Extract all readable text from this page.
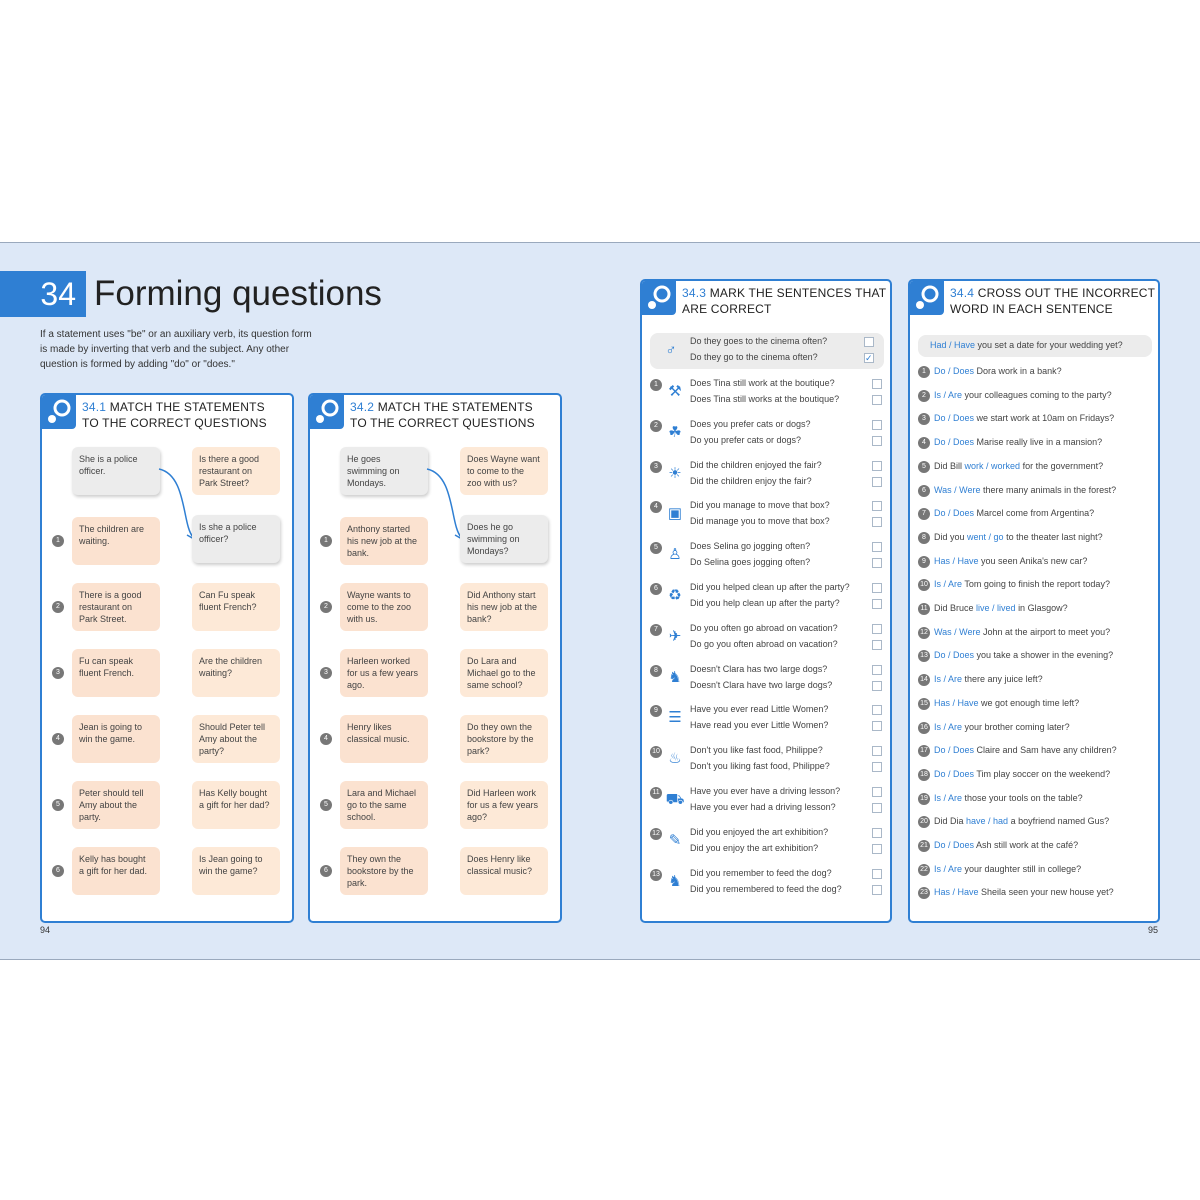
34 Forming questions
If a statement uses "be" or an auxiliary verb, its question form is made by inverting that verb and the subject. Any other question is formed by adding "do" or "does."
34.1 MATCH THE STATEMENTS
TO THE CORRECT QUESTIONS
She is a police officer.
Is there a good restaurant on Park Street?
Is she a police officer?
1
The children are waiting.
2
There is a good restaurant on Park Street.
Can Fu speak fluent French?
3
Fu can speak fluent French.
Are the children waiting?
4
Jean is going to win the game.
Should Peter tell Amy about the party?
5
Peter should tell Amy about the party.
Has Kelly bought a gift for her dad?
6
Kelly has bought a gift for her dad.
Is Jean going to win the game?
34.2 MATCH THE STATEMENTS
TO THE CORRECT QUESTIONS
He goes swimming on Mondays.
Does Wayne want to come to the zoo with us?
Does he go swimming on Mondays?
1
Anthony started his new job at the bank.
2
Wayne wants to come to the zoo with us.
Did Anthony start his new job at the bank?
3
Harleen worked for us a few years ago.
Do Lara and Michael go to the same school?
4
Henry likes classical music.
Do they own the bookstore by the park?
5
Lara and Michael go to the same school.
Did Harleen work for us a few years ago?
6
They own the bookstore by the park.
Does Henry like classical music?
34.3 MARK THE SENTENCES THAT
ARE CORRECT
♂
Do they goes to the cinema often?
Do they go to the cinema often?	✓
1 ⚒ Does Tina still work at the boutique?
Does Tina still works at the boutique?
2 ☘ Does you prefer cats or dogs?
Do you prefer cats or dogs?
3 ☀ Did the children enjoyed the fair?
Did the children enjoy the fair?
4 ▣ Did you manage to move that box?
Did manage you to move that box?
5 ♙ Does Selina go jogging often?
Do Selina goes jogging often?
6 ♻ Did you helped clean up after the party?
Did you help clean up after the party?
7 ✈ Do you often go abroad on vacation?
Do go you often abroad on vacation?
8 ♞ Doesn't Clara has two large dogs?
Doesn't Clara have two large dogs?
9 ☰ Have you ever read Little Women?
Have read you ever Little Women?
10 ♨ Don't you like fast food, Philippe?
Don't you liking fast food, Philippe?
11 ⛟ Have you ever have a driving lesson?
Have you ever had a driving lesson?
12 ✎ Did you enjoyed the art exhibition?
Did you enjoy the art exhibition?
13 ♞ Did you remember to feed the dog?
Did you remembered to feed the dog?
34.4 CROSS OUT THE INCORRECT
WORD IN EACH SENTENCE
Had / Have you set a date for your wedding yet?
1 Do / Does Dora work in a bank?
2 Is / Are your colleagues coming to the party?
3 Do / Does we start work at 10am on Fridays?
4 Do / Does Marise really live in a mansion?
5 Did Bill work / worked for the government?
6 Was / Were there many animals in the forest?
7 Do / Does Marcel come from Argentina?
8 Did you went / go to the theater last night?
9 Has / Have you seen Anika's new car?
10 Is / Are Tom going to finish the report today?
11 Did Bruce live / lived in Glasgow?
12 Was / Were John at the airport to meet you?
13 Do / Does you take a shower in the evening?
14 Is / Are there any juice left?
15 Has / Have we got enough time left?
16 Is / Are your brother coming later?
17 Do / Does Claire and Sam have any children?
18 Do / Does Tim play soccer on the weekend?
19 Is / Are those your tools on the table?
20 Did Dia have / had a boyfriend named Gus?
21 Do / Does Ash still work at the café?
22 Is / Are your daughter still in college?
23 Has / Have Sheila seen your new house yet?
94	95
